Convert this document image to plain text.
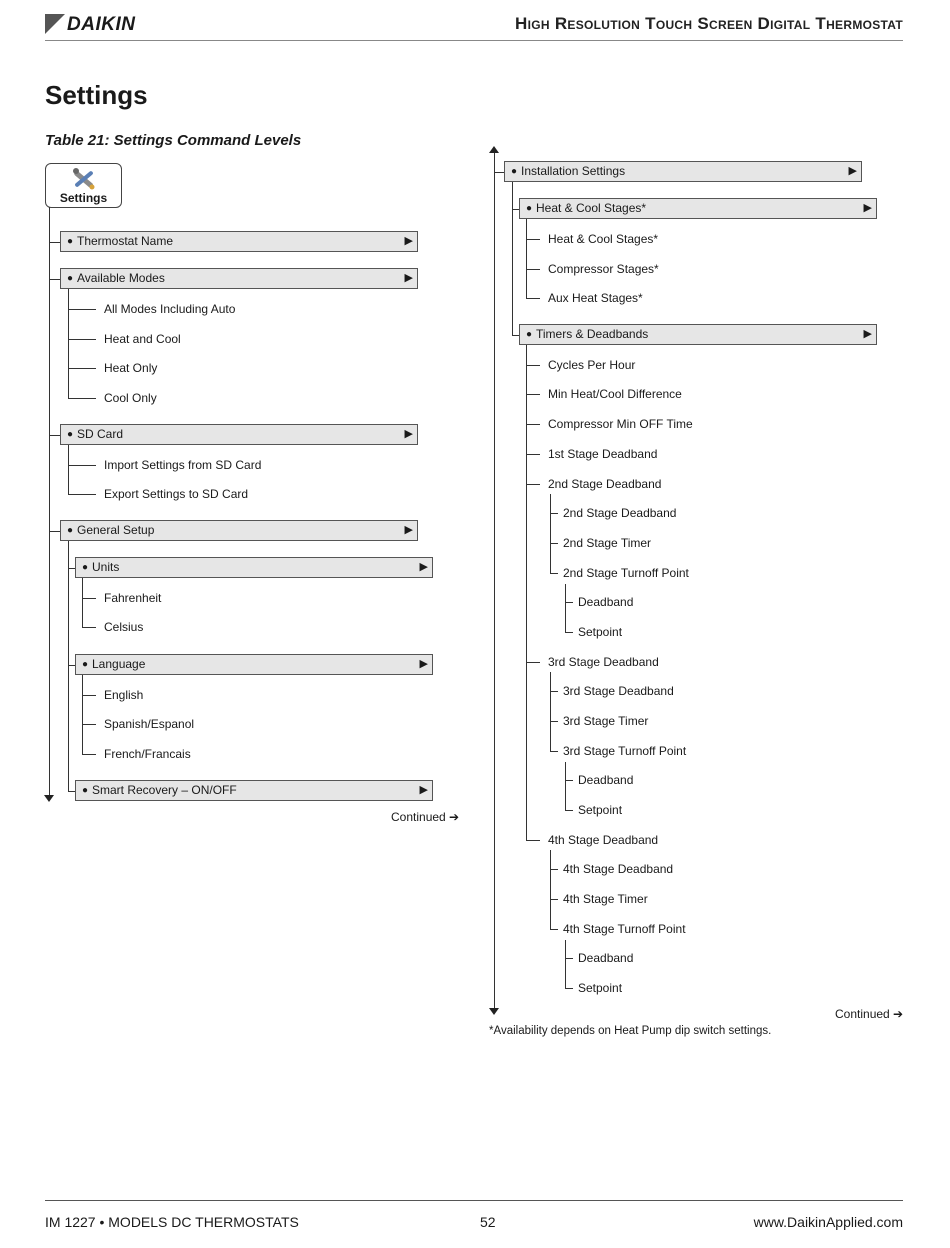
DAIKIN	High Resolution Touch Screen Digital Thermostat
Settings
Table 21: Settings Command Levels
Settings
● Thermostat Name	▶
● Available Modes	▶
All Modes Including Auto
Heat and Cool
Heat Only
Cool Only
● SD Card	▶
Import Settings from SD Card
Export Settings to SD Card
● General Setup	▶
● Units	▶
Fahrenheit
Celsius
● Language	▶
English
Spanish/Espanol
French/Francais
● Smart Recovery – ON/OFF	▶
Continued ➔
● Installation Settings	▶
● Heat & Cool Stages*	▶
Heat & Cool Stages*
Compressor Stages*
Aux Heat Stages*
● Timers & Deadbands	▶
Cycles Per Hour
Min Heat/Cool Difference
Compressor Min OFF Time
1st Stage Deadband
2nd Stage Deadband
2nd Stage Deadband
2nd Stage Timer
2nd Stage Turnoff Point
Deadband
Setpoint
3rd Stage Deadband
3rd Stage Deadband
3rd Stage Timer
3rd Stage Turnoff Point
Deadband
Setpoint
4th Stage Deadband
4th Stage Deadband
4th Stage Timer
4th Stage Turnoff Point
Deadband
Setpoint
Continued ➔
*Availability depends on Heat Pump dip switch settings.
IM 1227 • MODELS DC THERMOSTATS	52	www.DaikinApplied.com
